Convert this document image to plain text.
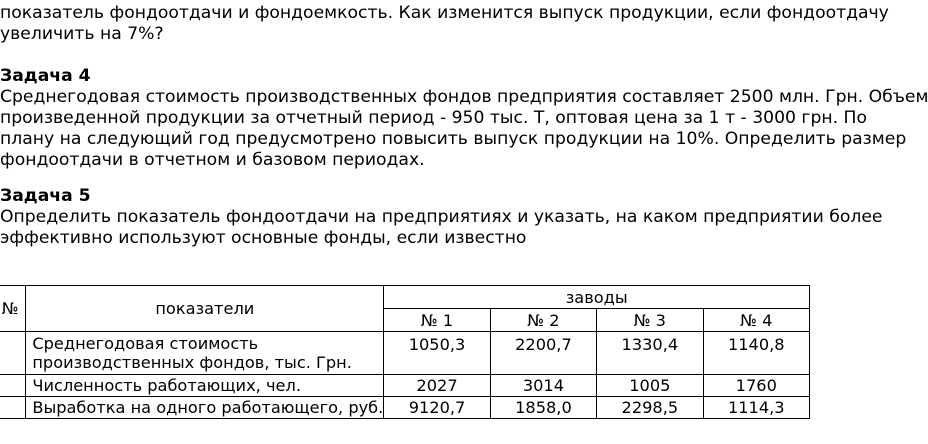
показатель фондоотдачи и фондоемкость. Как изменится выпуск продукции, если фондоотдачу
увеличить на 7%?
Задача 4
Среднегодовая стоимость производственных фондов предприятия составляет 2500 млн. Грн. Объем
произведенной продукции за отчетный период - 950 тыс. Т, оптовая цена за 1 т - 3000 грн. По
плану на следующий год предусмотрено повысить выпуск продукции на 10%. Определить размер
фондоотдачи в отчетном и базовом периодах.
Задача 5
Определить показатель фондоотдачи на предприятиях и указать, на каком предприятии более
эффективно используют основные фонды, если известно
№	показатели	заводы			
		№ 1	№ 2	№ 3	№ 4

	Среднегодовая стоимость
производственных фондов, тыс. Грн.	1050,3	2200,7	1330,4	1140,8
	Численность работающих, чел.	2027	3014	1005	1760
	Выработка на одного работающего, руб.	9120,7	1858,0	2298,5	1114,3
